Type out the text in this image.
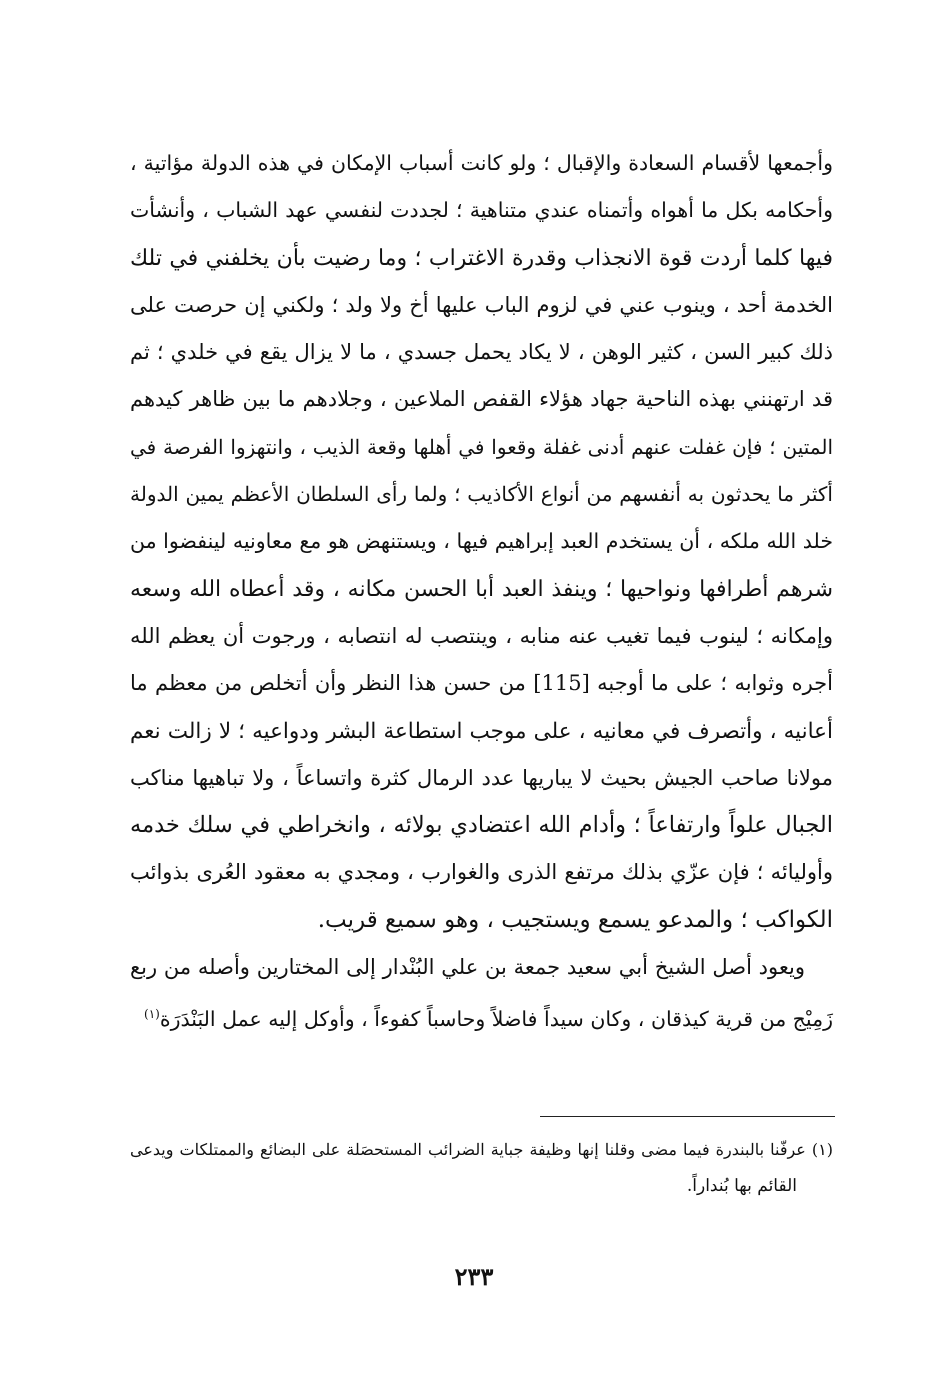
وأجمعها لأقسام السعادة والإقبال ؛ ولو كانت أسباب الإمكان في هذه الدولة مؤاتية ،
وأحكامه بكل ما أهواه وأتمناه عندي متناهية ؛ لجددت لنفسي عهد الشباب ، وأنشأت
فيها كلما أردت قوة الانجذاب وقدرة الاغتراب ؛ وما رضيت بأن يخلفني في تلك
الخدمة أحد ، وينوب عني في لزوم الباب عليها أخ ولا ولد ؛ ولكني إن حرصت على
ذلك كبير السن ، كثير الوهن ، لا يكاد يحمل جسدي ، ما لا يزال يقع في خلدي ؛ ثم
قد ارتهنني بهذه الناحية جهاد هؤلاء القفص الملاعين ، وجلادهم ما بين ظاهر كيدهم
المتين ؛ فإن غفلت عنهم أدنى غفلة وقعوا في أهلها وقعة الذيب ، وانتهزوا الفرصة في
أكثر ما يحدثون به أنفسهم من أنواع الأكاذيب ؛ ولما رأى السلطان الأعظم يمين الدولة
خلد الله ملكه ، أن يستخدم العبد إبراهيم فيها ، ويستنهض هو مع معاونيه لينفضوا من
شرهم أطرافها ونواحيها ؛ وينفذ العبد أبا الحسن مكانه ، وقد أعطاه الله وسعه
وإمكانه ؛ لينوب فيما تغيب عنه منابه ، وينتصب له انتصابه ، ورجوت أن يعظم الله
أجره وثوابه ؛ على ما أوجبه [115] من حسن هذا النظر وأن أتخلص من معظم ما
أعانيه ، وأتصرف في معانيه ، على موجب استطاعة البشر ودواعيه ؛ لا زالت نعم
مولانا صاحب الجيش بحيث لا يباريها عدد الرمال كثرة واتساعاً ، ولا تباهيها مناكب
الجبال علواً وارتفاعاً ؛ وأدام الله اعتضادي بولائه ، وانخراطي في سلك خدمه
وأوليائه ؛ فإن عزّي بذلك مرتفع الذرى والغوارب ، ومجدي به معقود العُرى بذوائب
الكواكب ؛ والمدعو يسمع ويستجيب ، وهو سميع قريب.
ويعود أصل الشيخ أبي سعيد جمعة بن علي البُنْدار إلى المختارين وأصله من ربع
زَمِيْج من قرية كيذقان ، وكان سيداً فاضلاً وحاسباً كفوءاً ، وأوكل إليه عمل البَنْدَرَة$^{(١)}$
(١) عرفّنا بالبندرة فيما مضى وقلنا إنها وظيفة جباية الضرائب المستحصَلة على البضائع والممتلكات ويدعى
القائم بها بُنداراً.
٢٣٣
